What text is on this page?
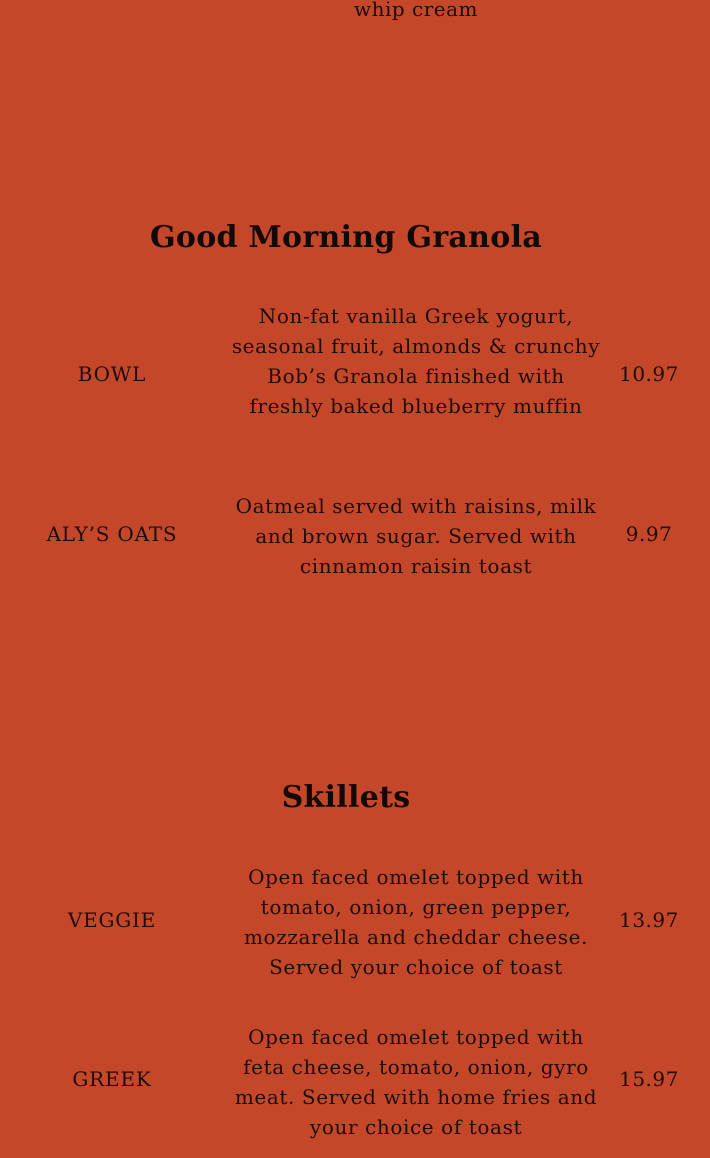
whip cream
Good Morning Granola
BOWL
Non-fat vanilla Greek yogurt, seasonal fruit, almonds & crunchy Bob’s Granola finished with freshly baked blueberry muffin
10.97
ALY’S OATS
Oatmeal served with raisins, milk and brown sugar. Served with cinnamon raisin toast
9.97
Skillets
VEGGIE
Open faced omelet topped with tomato, onion, green pepper, mozzarella and cheddar cheese. Served your choice of toast
13.97
GREEK
Open faced omelet topped with feta cheese, tomato, onion, gyro meat. Served with home fries and your choice of toast
15.97
